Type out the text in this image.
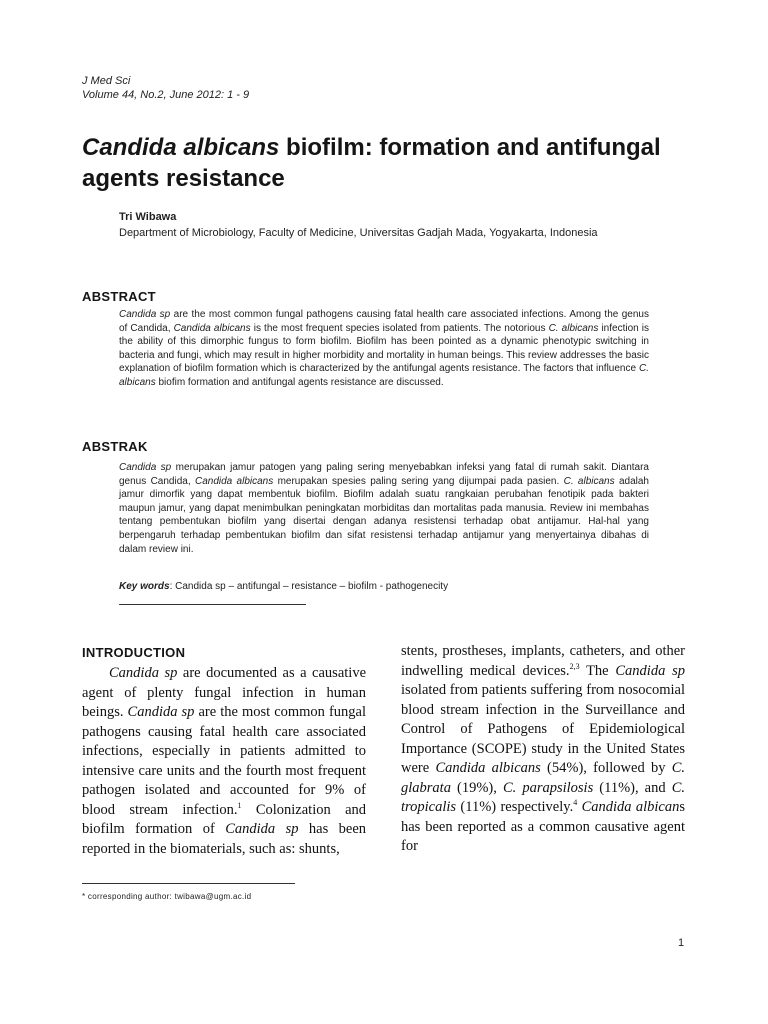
J Med Sci
Volume 44, No.2, June 2012: 1 - 9
Candida albicans biofilm: formation and antifungal agents resistance
Tri Wibawa
Department of Microbiology, Faculty of Medicine, Universitas Gadjah Mada, Yogyakarta, Indonesia
ABSTRACT
Candida sp are the most common fungal pathogens causing fatal health care associated infections. Among the genus of Candida, Candida albicans is the most frequent species isolated from patients. The notorious C. albicans infection is the ability of this dimorphic fungus to form biofilm. Biofilm has been pointed as a dynamic phenotypic switching in bacteria and fungi, which may result in higher morbidity and mortality in human beings. This review addresses the basic explanation of biofilm formation which is characterized by the antifungal agents resistance. The factors that influence C. albicans biofim formation and antifungal agents resistance are discussed.
ABSTRAK
Candida sp merupakan jamur patogen yang paling sering menyebabkan infeksi yang fatal di rumah sakit. Diantara genus Candida, Candida albicans merupakan spesies paling sering yang dijumpai pada pasien. C. albicans adalah jamur dimorfik yang dapat membentuk biofilm. Biofilm adalah suatu rangkaian perubahan fenotipik pada bakteri maupun jamur, yang dapat menimbulkan peningkatan morbiditas dan mortalitas pada manusia. Review ini membahas tentang pembentukan biofilm yang disertai dengan adanya resistensi terhadap obat antijamur. Hal-hal yang berpengaruh terhadap pembentukan biofilm dan sifat resistensi terhadap antijamur yang menyertainya dibahas di dalam review ini.
Key words: Candida sp – antifungal – resistance – biofilm - pathogenecity
INTRODUCTION

Candida sp are documented as a causative agent of plenty fungal infection in human beings. Candida sp are the most common fungal pathogens causing fatal health care associated infections, especially in patients admitted to intensive care units and the fourth most frequent pathogen isolated and accounted for 9% of blood stream infection.$^1$ Colonization and biofilm formation of Candida sp has been reported in the biomaterials, such as: shunts,

stents, prostheses, implants, catheters, and other indwelling medical devices.$^{2,3}$ The Candida sp isolated from patients suffering from nosocomial blood stream infection in the Surveillance and Control of Pathogens of Epidemiological Importance (SCOPE) study in the United States were Candida albicans (54%), followed by C. glabrata (19%), C. parapsilosis (11%), and C. tropicalis (11%) respectively.$^4$ Candida albicans has been reported as a common causative agent for

* corresponding author: twibawa@ugm.ac.id
1
